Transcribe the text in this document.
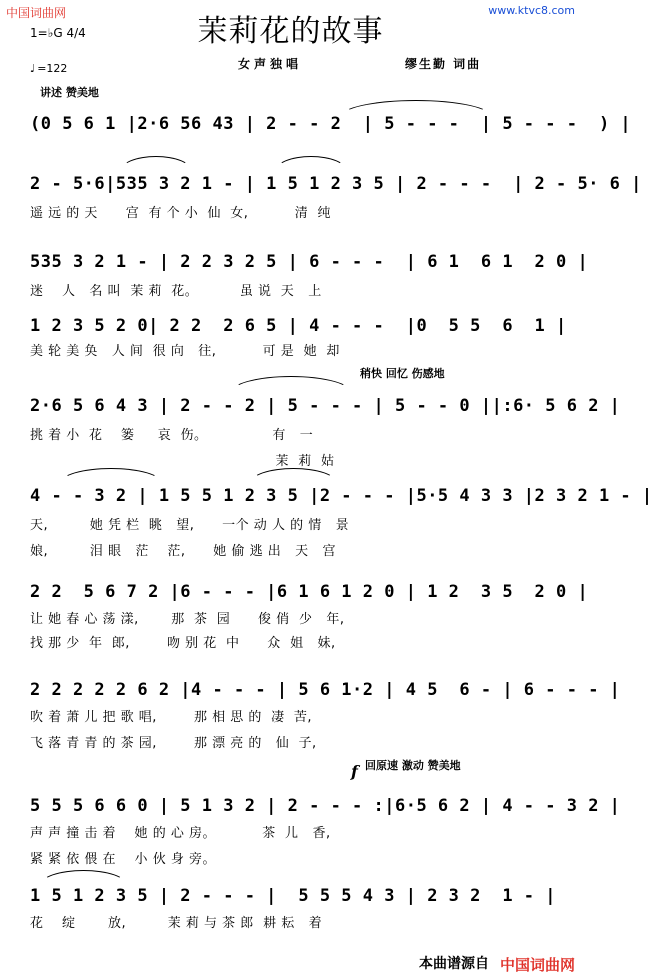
中国词曲网	www.ktvc8.com
茉莉花的故事
1=♭G 4/4
♩ =122	女声独唱	缪生勤 词曲
讲述 赞美地
稍快 回忆 伤感地
回原速 激动 赞美地
f
(0 5 6 1 |2·6 56 43 | 2 - - 2  | 5 - - -  | 5 - - -  ) |
2 - 5·6|535 3 2 1 - | 1 5 1 2 3 5 | 2 - - -  | 2 - 5· 6 |
遥 远 的 天      宫  有 个 小  仙  女,          清  纯
535 3 2 1 - | 2 2 3 2 5 | 6 - - -  | 6 1  6 1  2 0 |
迷    人   名 叫  茉 莉  花。         虽 说  天   上
1 2 3 5 2 0| 2 2  2 6 5 | 4 - - -  |0  5 5  6  1 |
美 轮 美 奂   人 间  很 向   往,          可 是  她  却
2·6 5 6 4 3 | 2 - - 2 | 5 - - - | 5 - - 0 ||:6· 5 6 2 |
挑 着 小  花    篓     哀  伤。              有   一
茉  莉  姑
4 - - 3 2 | 1 5 5 1 2 3 5 |2 - - - |5·5 4 3 3 |2 3 2 1 - |
天,         她 凭 栏  眺   望,      一个 动 人 的 情   景
娘,         泪 眼   茫    茫,      她 偷 逃 出   天   宫
2 2  5 6 7 2 |6 - - - |6 1 6 1 2 0 | 1 2  3 5  2 0 |
让 她 春 心 荡 漾,       那  茶  园      俊 俏  少   年,
找 那 少  年  郎,        吻 别 花  中      众  姐   妹,
2 2 2 2 2 6 2 |4 - - - | 5 6 1·2 | 4 5  6 - | 6 - - - |
吹 着 萧 儿 把 歌 唱,        那 相 思 的  凄  苦,
飞 落 青 青 的 茶 园,        那 漂 亮 的   仙  子,
5 5 5 6 6 0 | 5 1 3 2 | 2 - - - :|6·5 6 2 | 4 - - 3 2 |
声 声 撞 击 着    她 的 心 房。          茶  儿   香,
紧 紧 依 偎 在    小 伙 身 旁。
1 5 1 2 3 5 | 2 - - - |  5 5 5 4 3 | 2 3 2  1 - |
花    绽       放,         茉 莉 与 茶 郎  耕 耘   着
本曲谱源自 中国词曲网
